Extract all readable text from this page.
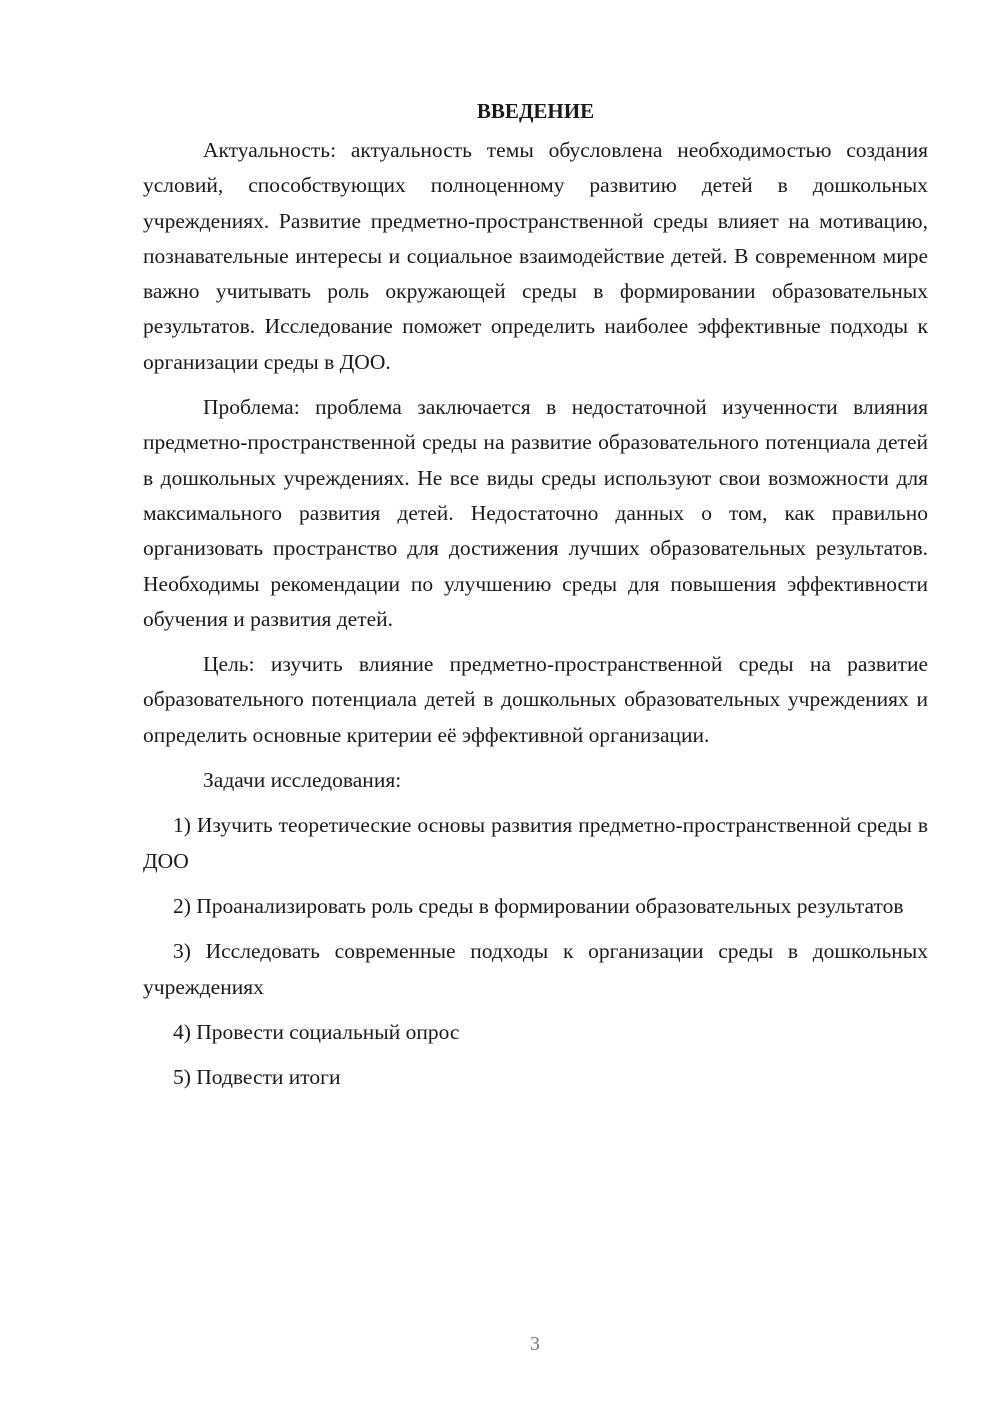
ВВЕДЕНИЕ

Актуальность: актуальность темы обусловлена необходимостью создания условий, способствующих полноценному развитию детей в дошкольных учреждениях. Развитие предметно-пространственной среды влияет на мотивацию, познавательные интересы и социальное взаимодействие детей. В современном мире важно учитывать роль окружающей среды в формировании образовательных результатов. Исследование поможет определить наиболее эффективные подходы к организации среды в ДОО.

Проблема: проблема заключается в недостаточной изученности влияния предметно-пространственной среды на развитие образовательного потенциала детей в дошкольных учреждениях. Не все виды среды используют свои возможности для максимального развития детей. Недостаточно данных о том, как правильно организовать пространство для достижения лучших образовательных результатов. Необходимы рекомендации по улучшению среды для повышения эффективности обучения и развития детей.

Цель: изучить влияние предметно-пространственной среды на развитие образовательного потенциала детей в дошкольных образовательных учреждениях и определить основные критерии её эффективной организации.

Задачи исследования:

1) Изучить теоретические основы развития предметно-пространственной среды в ДОО

2) Проанализировать роль среды в формировании образовательных результатов

3) Исследовать современные подходы к организации среды в дошкольных учреждениях

4) Провести социальный опрос

5) Подвести итоги

3
